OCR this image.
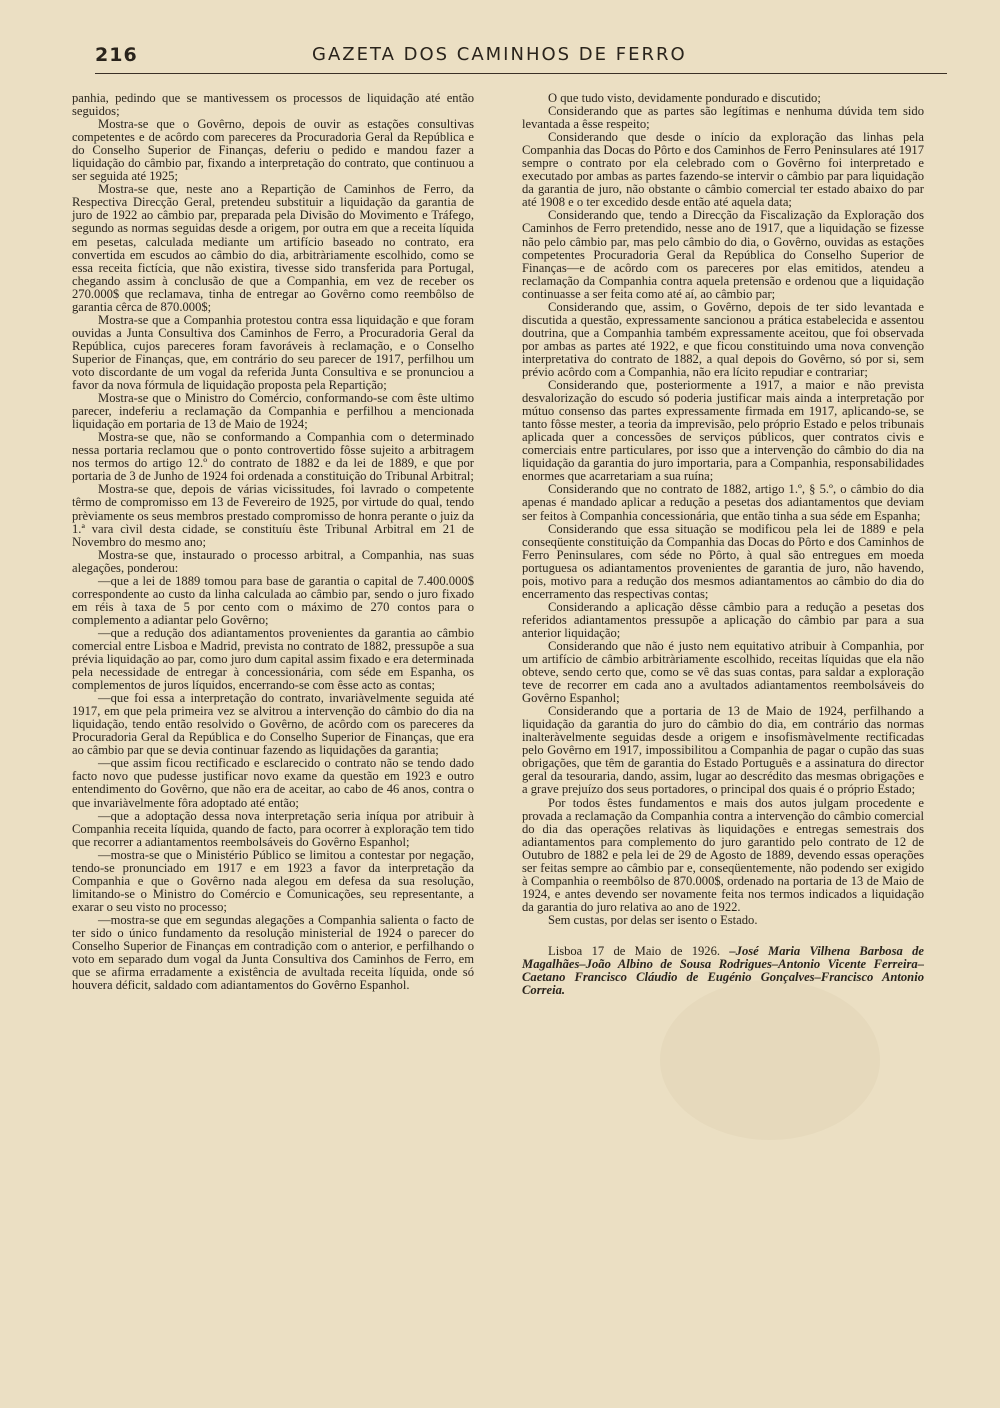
216	GAZETA DOS CAMINHOS DE FERRO

panhia, pedindo que se mantivessem os processos de liquidação até então seguidos;

Mostra-se que o Govêrno, depois de ouvir as estações consultivas competentes e de acôrdo com pareceres da Procuradoria Geral da República e do Conselho Superior de Finanças, deferiu o pedido e mandou fazer a liquidação do câmbio par, fixando a interpretação do contrato, que continuou a ser seguida até 1925;

Mostra-se que, neste ano a Repartição de Caminhos de Ferro, da Respectiva Direcção Geral, pretendeu substituir a liquidação da garantia de juro de 1922 ao câmbio par, preparada pela Divisão do Movimento e Tráfego, segundo as normas seguidas desde a origem, por outra em que a receita líquida em pesetas, calculada mediante um artifício baseado no contrato, era convertida em escudos ao câmbio do dia, arbitràriamente escolhido, como se essa receita fictícia, que não existira, tivesse sido transferida para Portugal, chegando assim à conclusão de que a Companhia, em vez de receber os 270.000$ que reclamava, tinha de entregar ao Govêrno como reembôlso de garantia cêrca de 870.000$;

Mostra-se que a Companhia protestou contra essa liquidação e que foram ouvidas a Junta Consultiva dos Caminhos de Ferro, a Procuradoria Geral da República, cujos pareceres foram favoráveis à reclamação, e o Conselho Superior de Finanças, que, em contrário do seu parecer de 1917, perfilhou um voto discordante de um vogal da referida Junta Consultiva e se pronunciou a favor da nova fórmula de liquidação proposta pela Repartição;

Mostra-se que o Ministro do Comércio, conformando-se com êste ultimo parecer, indeferiu a reclamação da Companhia e perfilhou a mencionada liquidação em portaria de 13 de Maio de 1924;

Mostra-se que, não se conformando a Companhia com o determinado nessa portaria reclamou que o ponto controvertido fôsse sujeito a arbitragem nos termos do artigo 12.º do contrato de 1882 e da lei de 1889, e que por portaria de 3 de Junho de 1924 foi ordenada a constituição do Tribunal Arbitral;

Mostra-se que, depois de várias vicissitudes, foi lavrado o competente têrmo de compromisso em 13 de Fevereiro de 1925, por virtude do qual, tendo prèviamente os seus membros prestado compromisso de honra perante o juiz da 1.ª vara cìvil desta cidade, se constituíu êste Tribunal Arbitral em 21 de Novembro do mesmo ano;

Mostra-se que, instaurado o processo arbitral, a Companhia, nas suas alegações, ponderou:

—que a lei de 1889 tomou para base de garantia o capital de 7.400.000$ correspondente ao custo da linha calculada ao câmbio par, sendo o juro fixado em réis à taxa de 5 por cento com o máximo de 270 contos para o complemento a adiantar pelo Govêrno;

—que a redução dos adiantamentos provenientes da garantia ao câmbio comercial entre Lisboa e Madrid, prevista no contrato de 1882, pressupõe a sua prévia liquidação ao par, como juro dum capital assim fixado e era determinada pela necessidade de entregar à concessionária, com séde em Espanha, os complementos de juros líquidos, encerrando-se com êsse acto as contas;

—que foi essa a interpretação do contrato, invariàvelmente seguida até 1917, em que pela primeira vez se alvitrou a intervenção do câmbio do dia na liquidação, tendo então resolvido o Govêrno, de acôrdo com os pareceres da Procuradoria Geral da República e do Conselho Superior de Finanças, que era ao câmbio par que se devia continuar fazendo as liquidações da garantia;

—que assim ficou rectificado e esclarecido o contrato não se tendo dado facto novo que pudesse justificar novo exame da questão em 1923 e outro entendimento do Govêrno, que não era de aceitar, ao cabo de 46 anos, contra o que invariàvelmente fôra adoptado até então;

—que a adoptação dessa nova interpretação seria iníqua por atribuir à Companhia receita líquida, quando de facto, para ocorrer à exploração tem tido que recorrer a adiantamentos reembolsáveis do Govêrno Espanhol;

—mostra-se que o Ministério Público se limitou a contestar por negação, tendo-se pronunciado em 1917 e em 1923 a favor da interpretação da Companhia e que o Govêrno nada alegou em defesa da sua resolução, limitando-se o Ministro do Comércio e Comunicações, seu representante, a exarar o seu visto no processo;

—mostra-se que em segundas alegações a Companhia salienta o facto de ter sido o único fundamento da resolução ministerial de 1924 o parecer do Conselho Superior de Finanças em contradição com o anterior, e perfilhando o voto em separado dum vogal da Junta Consultiva dos Caminhos de Ferro, em que se afirma erradamente a existência de avultada receita líquida, onde só houvera déficit, saldado com adiantamentos do Govêrno Espanhol.

O que tudo visto, devidamente pondurado e discutido;

Considerando que as partes são legítimas e nenhuma dúvida tem sido levantada a êsse respeito;

Considerando que desde o início da exploração das linhas pela Companhia das Docas do Pôrto e dos Caminhos de Ferro Peninsulares até 1917 sempre o contrato por ela celebrado com o Govêrno foi interpretado e executado por ambas as partes fazendo-se intervir o câmbio par para liquidação da garantia de juro, não obstante o câmbio comercial ter estado abaixo do par até 1908 e o ter excedido desde então até aquela data;

Considerando que, tendo a Direcção da Fiscalização da Exploração dos Caminhos de Ferro pretendido, nesse ano de 1917, que a liquidação se fizesse não pelo câmbio par, mas pelo câmbio do dia, o Govêrno, ouvidas as estações competentes Procuradoria Geral da República do Conselho Superior de Finanças—e de acôrdo com os pareceres por elas emitidos, atendeu a reclamação da Companhia contra aquela pretensão e ordenou que a liquidação continuasse a ser feita como até aí, ao câmbio par;

Considerando que, assim, o Govêrno, depois de ter sido levantada e discutida a questão, expressamente sancionou a prática estabelecida e assentou doutrina, que a Companhia também expressamente aceitou, que foi observada por ambas as partes até 1922, e que ficou constituindo uma nova convenção interpretativa do contrato de 1882, a qual depois do Govêrno, só por si, sem prévio acôrdo com a Companhia, não era lícito repudiar e contrariar;

Considerando que, posteriormente a 1917, a maior e não prevista desvalorização do escudo só poderia justificar mais ainda a interpretação por mútuo consenso das partes expressamente firmada em 1917, aplicando-se, se tanto fôsse mester, a teoria da imprevisão, pelo próprio Estado e pelos tribunais aplicada quer a concessões de serviços públicos, quer contratos civis e comerciais entre particulares, por isso que a intervenção do câmbio do dia na liquidação da garantia do juro importaria, para a Companhia, responsabilidades enormes que acarretariam a sua ruína;

Considerando que no contrato de 1882, artigo 1.º, § 5.º, o câmbio do dia apenas é mandado aplicar a redução a pesetas dos adiantamentos que deviam ser feitos à Companhia concessionária, que então tinha a sua séde em Espanha;

Considerando que essa situação se modificou pela lei de 1889 e pela conseqüente constituição da Companhia das Docas do Pôrto e dos Caminhos de Ferro Peninsulares, com séde no Pôrto, à qual são entregues em moeda portuguesa os adiantamentos provenientes de garantia de juro, não havendo, pois, motivo para a redução dos mesmos adiantamentos ao câmbio do dia do encerramento das respectivas contas;

Considerando a aplicação dêsse câmbio para a redução a pesetas dos referidos adiantamentos pressupõe a aplicação do câmbio par para a sua anterior liquidação;

Considerando que não é justo nem equitativo atribuir à Companhia, por um artifício de câmbio arbitràriamente escolhido, receitas líquidas que ela não obteve, sendo certo que, como se vê das suas contas, para saldar a exploração teve de recorrer em cada ano a avultados adiantamentos reembolsáveis do Govêrno Espanhol;

Considerando que a portaria de 13 de Maio de 1924, perfilhando a liquidação da garantia do juro do câmbio do dia, em contrário das normas inalteràvelmente seguidas desde a origem e insofismàvelmente rectificadas pelo Govêrno em 1917, impossibilitou a Companhia de pagar o cupão das suas obrigações, que têm de garantia do Estado Português e a assinatura do director geral da tesouraria, dando, assim, lugar ao descrédito das mesmas obrigações e a grave prejuízo dos seus portadores, o principal dos quais é o próprio Estado;

Por todos êstes fundamentos e mais dos autos julgam procedente e provada a reclamação da Companhia contra a intervenção do câmbio comercial do dia das operações relativas às liquidações e entregas semestrais dos adiantamentos para complemento do juro garantido pelo contrato de 12 de Outubro de 1882 e pela lei de 29 de Agosto de 1889, devendo essas operações ser feitas sempre ao câmbio par e, conseqüentemente, não podendo ser exigido à Companhia o reembôlso de 870.000$, ordenado na portaria de 13 de Maio de 1924, e antes devendo ser novamente feita nos termos indicados a liquidação da garantia do juro relativa ao ano de 1922.

Sem custas, por delas ser isento o Estado.

Lisboa 17 de Maio de 1926. –José Maria Vilhena Barbosa de Magalhães–João Albino de Sousa Rodrigues–Antonio Vicente Ferreira–Caetano Francisco Cláudio de Eugénio Gonçalves–Francisco Antonio Correia.
